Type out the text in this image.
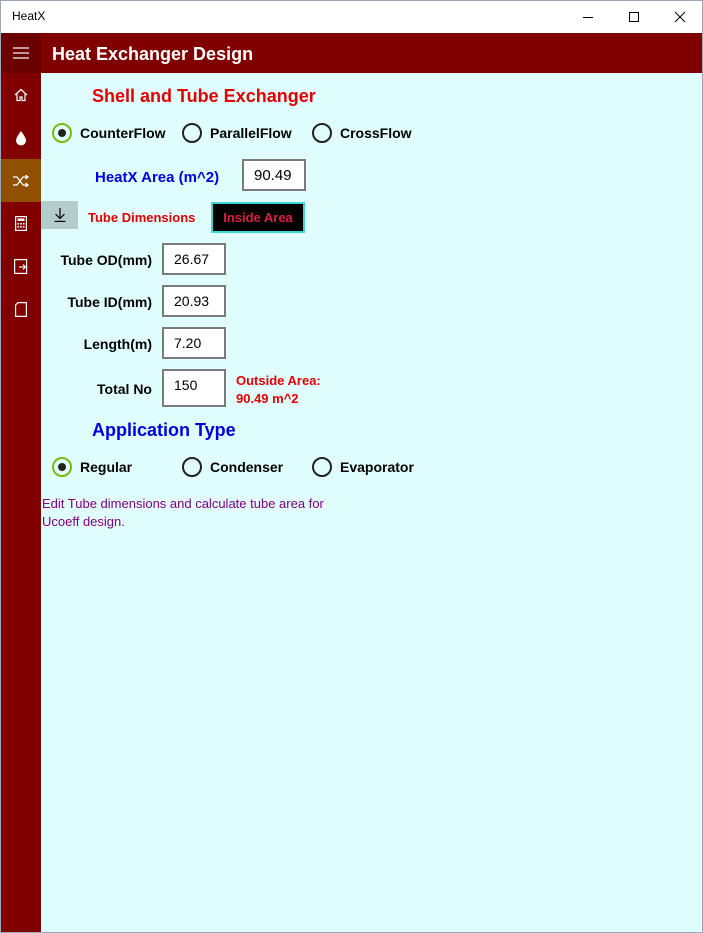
HeatX
Heat Exchanger Design
Shell and Tube Exchanger
CounterFlow	ParallelFlow	CrossFlow
HeatX Area (m^2)	90.49
Tube Dimensions	Inside Area
Tube OD(mm)	26.67
Tube ID(mm)	20.93
Length(m)	7.20
Total No	150	Outside Area:
90.49 m^2
Application Type
Regular	Condenser	Evaporator
Edit Tube dimensions and calculate tube area for Ucoeff design.
